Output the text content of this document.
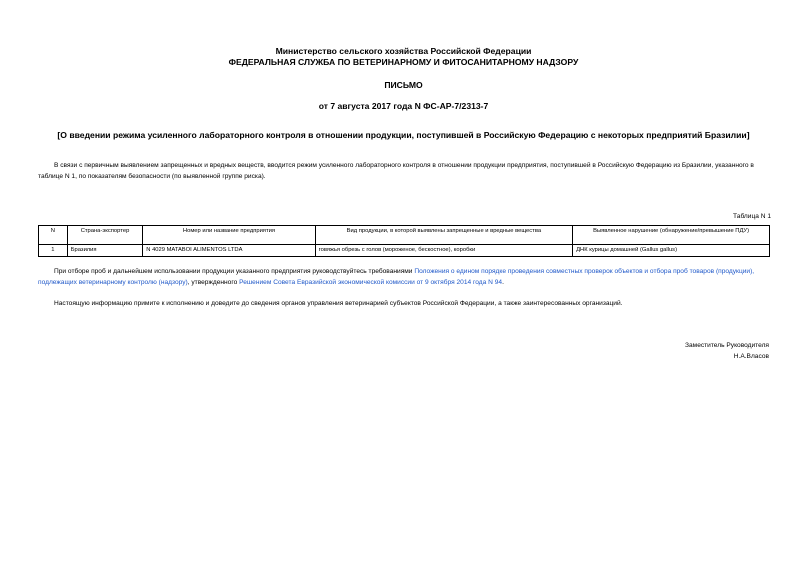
Министерство сельского хозяйства Российской Федерации
ФЕДЕРАЛЬНАЯ СЛУЖБА ПО ВЕТЕРИНАРНОМУ И ФИТОСАНИТАРНОМУ НАДЗОРУ
ПИСЬМО
от 7 августа 2017 года N ФС-АР-7/2313-7
[О введении режима усиленного лабораторного контроля в отношении продукции, поступившей в Российскую Федерацию с некоторых предприятий Бразилии]
В связи с первичным выявлением запрещенных и вредных веществ, вводится режим усиленного лабораторного контроля в отношении продукции предприятия, поступившей в Российскую Федерацию из Бразилии, указанного в таблице N 1, по показателям безопасности (по выявленной группе риска).
Таблица N 1
N	Страна-экспортер	Номер или название предприятия	Вид продукции, в которой выявлены запрещенные и вредные вещества	Выявленное нарушение (обнаружение/превышение ПДУ)
1	Бразилия	N 4029 MATABOI ALIMENTOS LTDA	говяжья обрезь с голов (мороженое, бескостное), коробки	ДНК курицы домашней (Gallus gallus)
При отборе проб и дальнейшем использовании продукции указанного предприятия руководствуйтесь требованиями Положения о едином порядке проведения совместных проверок объектов и отбора проб товаров (продукции), подлежащих ветеринарному контролю (надзору), утвержденного Решением Совета Евразийской экономической комиссии от 9 октября 2014 года N 94.
Настоящую информацию примите к исполнению и доведите до сведения органов управления ветеринарией субъектов Российской Федерации, а также заинтересованных организаций.
Заместитель Руководителя
Н.А.Власов
